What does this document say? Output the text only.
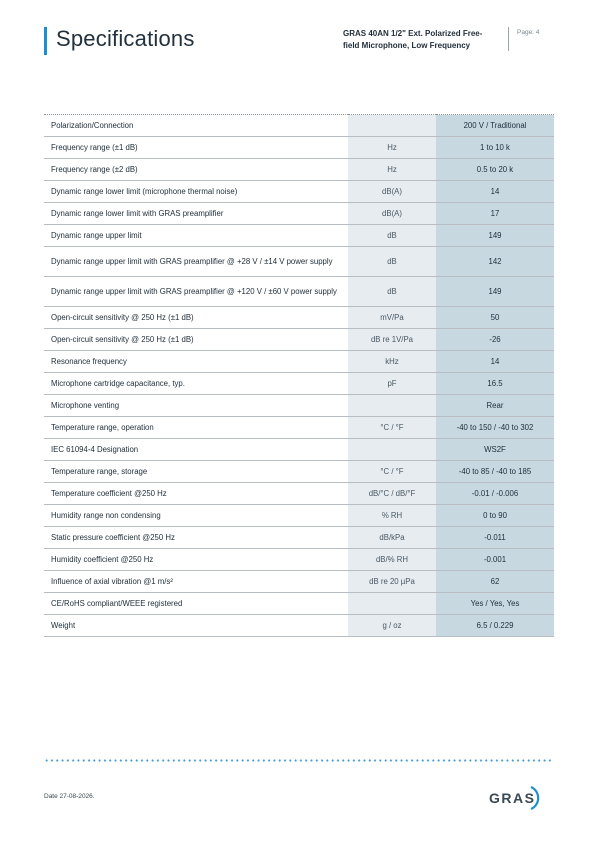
Specifications	GRAS 40AN 1/2" Ext. Polarized Free-field Microphone, Low Frequency
Page: 4
Polarization/Connection		200 V / Traditional
Frequency range (±1 dB)	Hz	1 to 10 k
Frequency range (±2 dB)	Hz	0.5 to 20 k
Dynamic range lower limit (microphone thermal noise)	dB(A)	14
Dynamic range lower limit with GRAS preamplifier	dB(A)	17
Dynamic range upper limit	dB	149
Dynamic range upper limit with GRAS preamplifier @ +28 V / ±14 V power supply	dB	142
Dynamic range upper limit with GRAS preamplifier @ +120 V / ±60 V power supply	dB	149
Open-circuit sensitivity @ 250 Hz (±1 dB)	mV/Pa	50
Open-circuit sensitivity @ 250 Hz (±1 dB)	dB re 1V/Pa	-26
Resonance frequency	kHz	14
Microphone cartridge capacitance, typ.	pF	16.5
Microphone venting		Rear
Temperature range, operation	°C / °F	-40 to 150 / -40 to 302
IEC 61094-4 Designation		WS2F
Temperature range, storage	°C / °F	-40 to 85 / -40 to 185
Temperature coefficient @250 Hz	dB/°C / dB/°F	-0.01 / -0.006
Humidity range non condensing	% RH	0 to 90
Static pressure coefficient @250 Hz	dB/kPa	-0.011
Humidity coefficient @250 Hz	dB/% RH	-0.001
Influence of axial vibration @1 m/s²	dB re 20 µPa	62
CE/RoHS compliant/WEEE registered		Yes / Yes, Yes
Weight	g / oz	6.5 / 0.229
Date 27-08-2026.	GRAS
